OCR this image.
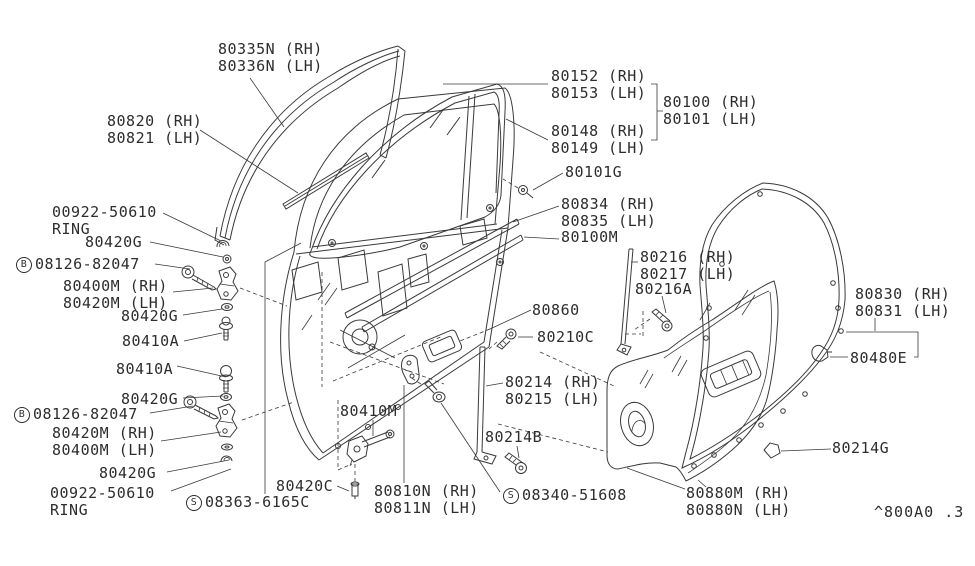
80335N (RH)
80336N (LH)
80820 (RH)
80821 (LH)
80152 (RH)
80153 (LH) 80100 (RH)
80101 (LH)
80148 (RH)
80149 (LH)
80101G
80834 (RH)
80835 (LH)
80100M
00922-50610
RING
80420G
B 08126-82047
80400M (RH)
80420M (LH)
80420G
80410A
80410A
80420G
B 08126-82047
80420M (RH)
80400M (LH)
80420G
00922-50610
RING	S 08363-6165C
80420C	80810N (RH)
80811N (LH)
80410M
S 08340-51608	80880M (RH)
80880N (LH)
80214B
80214 (RH)
80215 (LH)
80210C
80860
80216 (RH)
80217 (LH)
80216A	80830 (RH)
80831 (LH)
80480E
80214G
^800A0 .3
